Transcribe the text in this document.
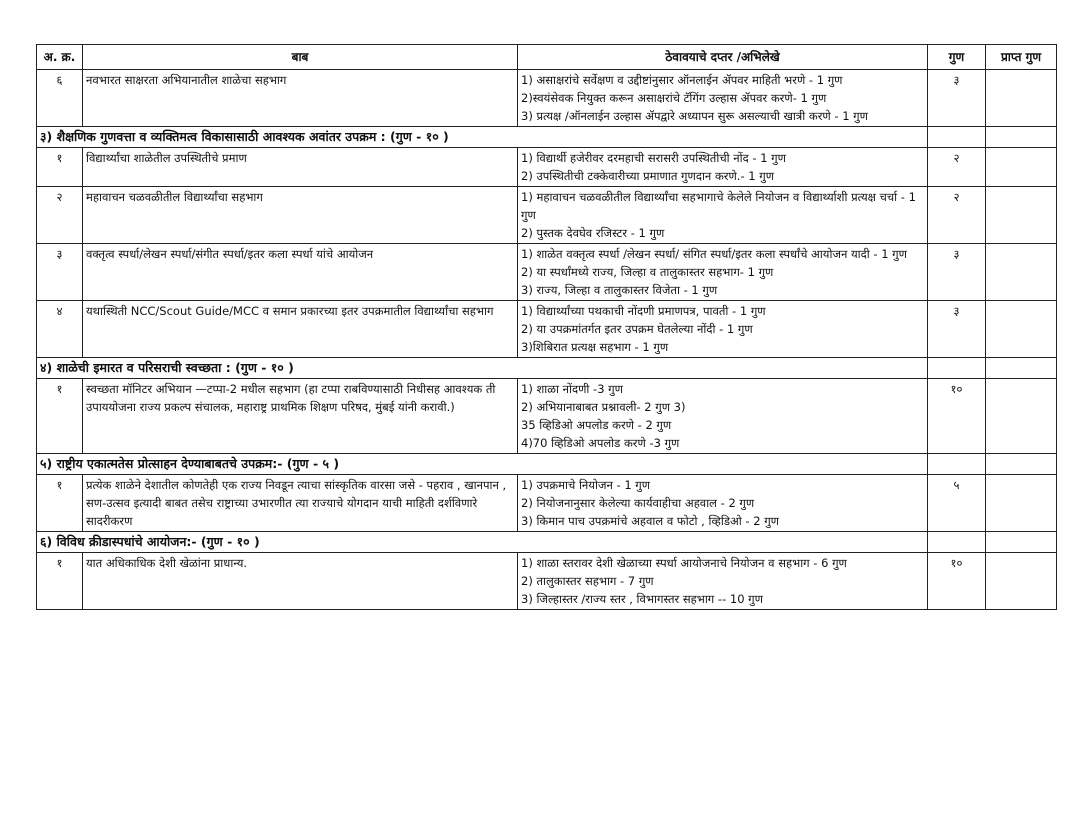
अ. क्र.	बाब	ठेवावयाचे दप्तर /अभिलेखे	गुण	प्राप्त गुण
६	नवभारत साक्षरता अभियानातील शाळेचा सहभाग	1) असाक्षरांचे सर्वेक्षण व उद्दीष्टांनुसार ऑनलाईन ॲपवर माहिती भरणे - 1 गुण
2)स्वयंसेवक नियुक्त करून असाक्षरांचे टॅगिंग उल्हास ॲपवर करणे- 1 गुण
3) प्रत्यक्ष /ऑनलाईन उल्हास ॲपद्वारे अध्यापन सुरू असल्याची खात्री करणे - 1 गुण	३	
३) शैक्षणिक गुणवत्ता व व्यक्तिमत्व विकासासाठी आवश्यक अवांतर उपक्रम : (गुण - १० )				
१	विद्यार्थ्यांचा शाळेतील उपस्थितीचे प्रमाण	1) विद्यार्थी हजेरीवर दरमहाची सरासरी उपस्थितीची नोंद - 1 गुण
2) उपस्थितीची टक्केवारीच्या प्रमाणात गुणदान करणे.- 1 गुण	२	
२	महावाचन चळवळीतील विद्यार्थ्यांचा सहभाग	1) महावाचन चळवळीतील विद्यार्थ्यांचा सहभागाचे केलेले नियोजन व विद्यार्थ्याशी प्रत्यक्ष चर्चा - 1 गुण
2) पुस्तक देवघेव रजिस्टर - 1 गुण	२	
३	वक्तृत्व स्पर्धा/लेखन स्पर्धा/संगीत स्पर्धा/इतर कला स्पर्धा यांचे आयोजन	1) शाळेत वक्तृत्व स्पर्धा /लेखन स्पर्धा/ संगित स्पर्धा/इतर कला स्पर्धांचे आयोजन यादी - 1 गुण
2) या स्पर्धांमध्ये राज्य, जिल्हा व तालुकास्तर सहभाग- 1 गुण
3) राज्य, जिल्हा व तालुकास्तर विजेता - 1 गुण	३	
४	यथास्थिती NCC/Scout Guide/MCC व समान प्रकारच्या इतर उपक्रमातील विद्यार्थ्यांचा सहभाग	1) विद्यार्थ्यांच्या पथकाची नोंदणी प्रमाणपत्र, पावती - 1 गुण
2) या उपक्रमांतर्गत इतर उपक्रम घेतलेल्या नोंदी - 1 गुण
3)शिबिरात प्रत्यक्ष सहभाग - 1 गुण	३	
४) शाळेची इमारत व परिसराची स्वच्छता : (गुण - १० )				
१	स्वच्छता मॉनिटर अभियान —टप्पा-2 मधील सहभाग (हा टप्पा राबविण्यासाठी निधीसह आवश्यक ती उपाययोजना राज्य प्रकल्प संचालक, महाराष्ट्र प्राथमिक शिक्षण परिषद, मुंबई यांनी करावी.)	1) शाळा नोंदणी -3 गुण
2) अभियानाबाबत प्रश्नावली- 2 गुण 3)
35 व्हिडिओ अपलोड करणे - 2 गुण
4)70 व्हिडिओ अपलोड करणे -3 गुण	१०	
५) राष्ट्रीय एकात्मतेस प्रोत्साहन देण्याबाबतचे उपक्रम:- (गुण - ५ )				
१	प्रत्येक शाळेने देशातील कोणतेही एक राज्य निवडून त्याचा सांस्कृतिक वारसा जसे - पहराव , खानपान , सण-उत्सव इत्यादी बाबत तसेच राष्ट्राच्या उभारणीत त्या राज्याचे योगदान याची माहिती दर्शविणारे सादरीकरण	1) उपक्रमाचे नियोजन - 1 गुण
2) नियोजनानुसार केलेल्या कार्यवाहीचा अहवाल - 2 गुण
3) किमान पाच उपक्रमांचे अहवाल व फोटो , व्हिडिओ - 2 गुण	५	
६) विविध क्रीडास्पधांचे आयोजन:- (गुण - १० )				
१	यात अधिकाधिक देशी खेळांना प्राधान्य.	1) शाळा स्तरावर देशी खेळाच्या स्पर्धा आयोजनाचे नियोजन व सहभाग - 6 गुण
2) तालुकास्तर सहभाग - 7 गुण
3) जिल्हास्तर /राज्य स्तर , विभागस्तर सहभाग -- 10 गुण	१०	
